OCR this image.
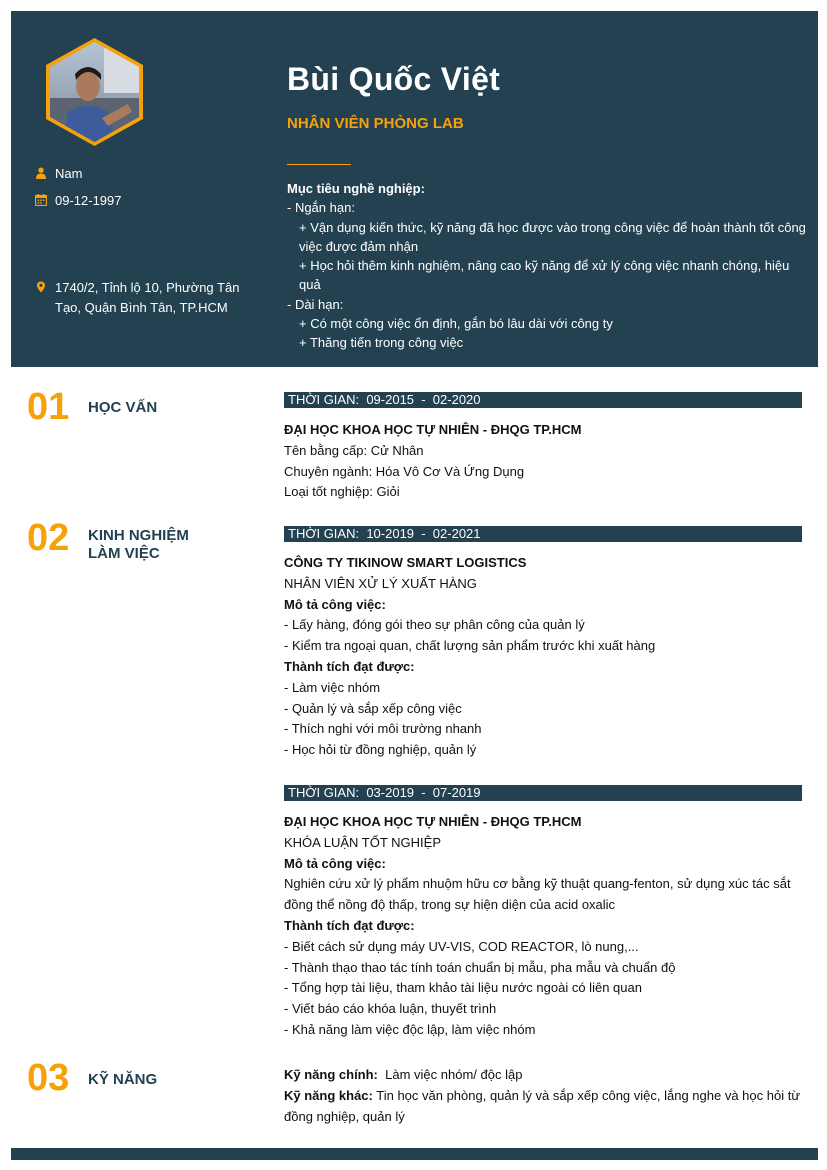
Nam
09-12-1997
1740/2, Tỉnh lộ 10, Phường Tân Tạo, Quận Bình Tân, TP.HCM
Bùi Quốc Việt
NHÂN VIÊN PHÒNG LAB
Mục tiêu nghề nghiệp:
- Ngắn hạn:
+ Vận dụng kiến thức, kỹ năng đã học được vào trong công việc để hoàn thành tốt công việc được đảm nhận
+ Học hỏi thêm kinh nghiệm, nâng cao kỹ năng để xử lý công việc nhanh chóng, hiệu quả
- Dài hạn:
+ Có một công việc ổn định, gắn bó lâu dài với công ty
+ Thăng tiến trong công việc
01 HỌC VẤN	THỜI GIAN:  09-2015  -  02-2020
ĐẠI HỌC KHOA HỌC TỰ NHIÊN - ĐHQG TP.HCM
Tên bằng cấp: Cử Nhân
Chuyên ngành: Hóa Vô Cơ Và Ứng Dụng
Loại tốt nghiệp: Giỏi
02 KINH NGHIỆM
LÀM VIỆC
THỜI GIAN:  10-2019  -  02-2021
CÔNG TY TIKINOW SMART LOGISTICS
NHÂN VIÊN XỬ LÝ XUẤT HÀNG
Mô tả công việc:
- Lấy hàng, đóng gói theo sự phân công của quản lý
- Kiểm tra ngoại quan, chất lượng sản phẩm trước khi xuất hàng
Thành tích đạt được:
- Làm việc nhóm
- Quản lý và sắp xếp công việc
- Thích nghi với môi trường nhanh
- Học hỏi từ đồng nghiệp, quản lý
THỜI GIAN:  03-2019  -  07-2019
ĐẠI HỌC KHOA HỌC TỰ NHIÊN - ĐHQG TP.HCM
KHÓA LUẬN TỐT NGHIỆP
Mô tả công việc:
Nghiên cứu xử lý phẩm nhuộm hữu cơ bằng kỹ thuật quang-fenton, sử dụng xúc tác sắt đồng thể nồng độ thấp, trong sự hiện diện của acid oxalic
Thành tích đạt được:
- Biết cách sử dụng máy UV-VIS, COD REACTOR, lò nung,...
- Thành thạo thao tác tính toán chuẩn bị mẫu, pha mẫu và chuẩn độ
- Tổng hợp tài liệu, tham khảo tài liệu nước ngoài có liên quan
- Viết báo cáo khóa luận, thuyết trình
- Khả năng làm việc độc lập, làm việc nhóm
03 KỸ NĂNG	Kỹ năng chính: Làm việc nhóm/ độc lập
Kỹ năng khác: Tin học văn phòng, quản lý và sắp xếp công việc, lắng nghe và học hỏi từ đồng nghiệp, quản lý
